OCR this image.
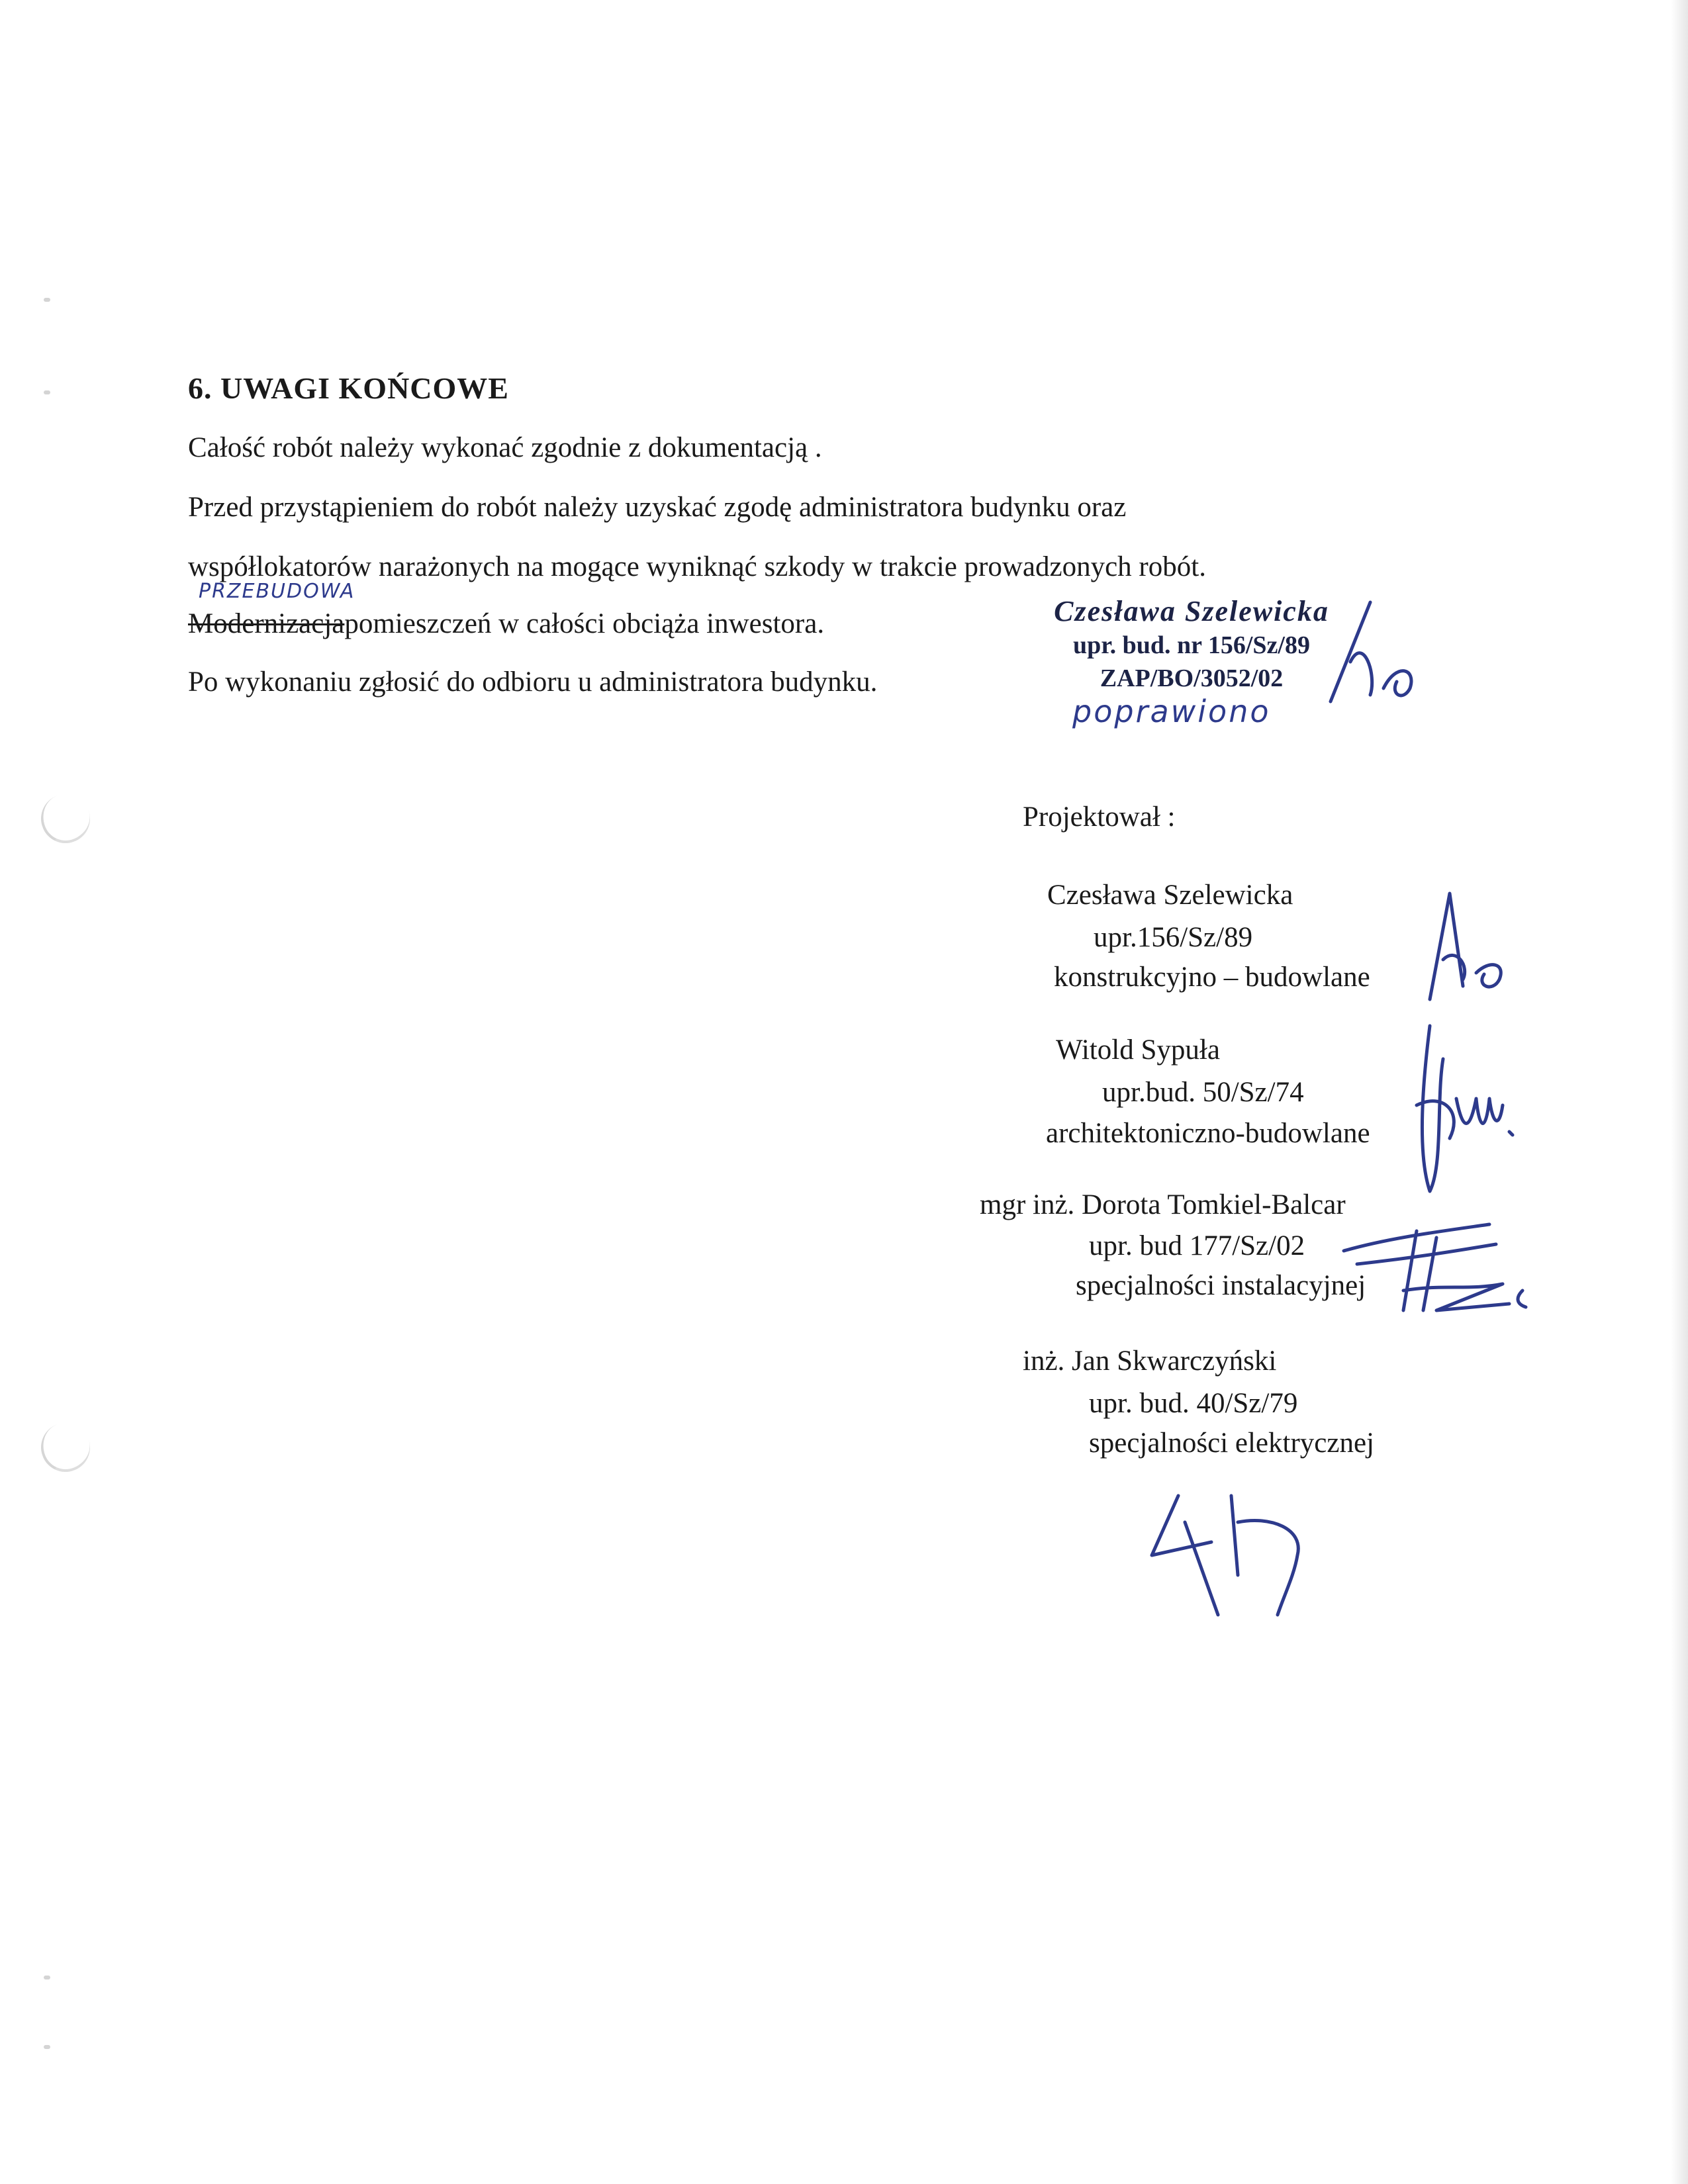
6. UWAGI KOŃCOWE
Całość robót należy wykonać zgodnie z dokumentacją .
Przed przystąpieniem do robót należy uzyskać zgodę administratora budynku oraz
współlokatorów narażonych na mogące wyniknąć szkody w trakcie prowadzonych robót.
PRZEBUDOWA
Modernizacjapomieszczeń w całości obciąża inwestora.
Po wykonaniu zgłosić do odbioru u administratora budynku.
Czesława Szelewicka
upr. bud. nr 156/Sz/89
ZAP/BO/3052/02
poprawiono
Projektował :
Czesława Szelewicka
upr.156/Sz/89
konstrukcyjno – budowlane
Witold Sypuła
upr.bud. 50/Sz/74
architektoniczno-budowlane
mgr inż. Dorota Tomkiel-Balcar
upr. bud 177/Sz/02
specjalności instalacyjnej
inż. Jan Skwarczyński
upr. bud. 40/Sz/79
specjalności elektrycznej
